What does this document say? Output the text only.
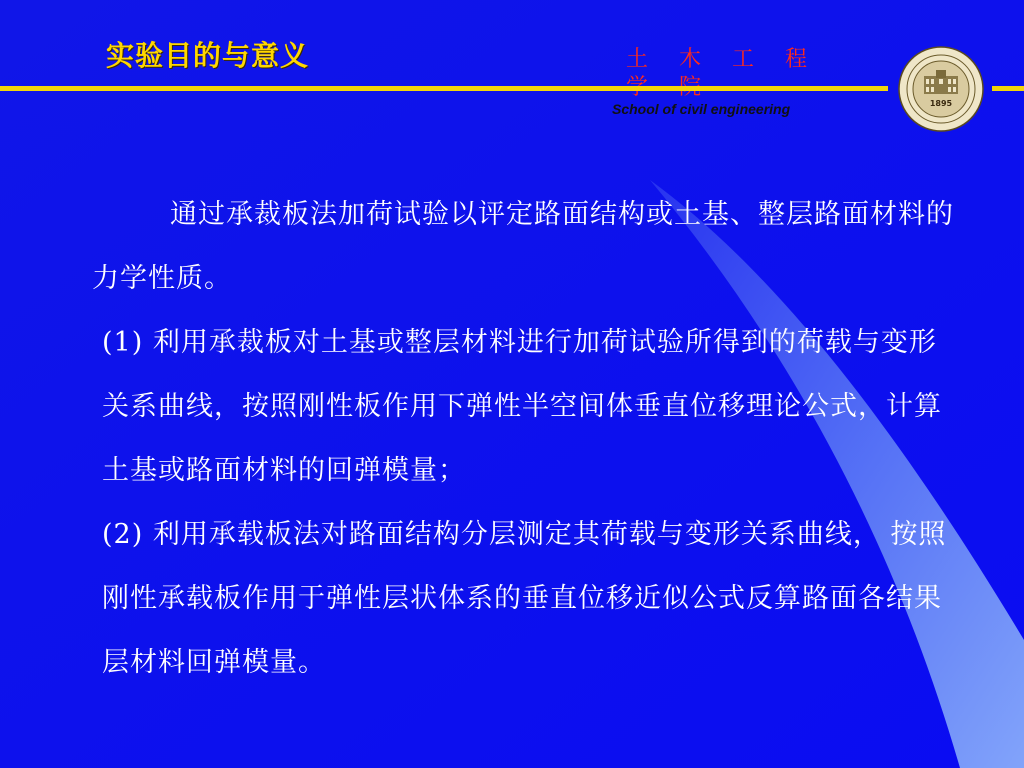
实验目的与意义	土 木 工 程
School of civil engineering	1895

通过承裁板法加荷试验以评定路面结构或土基、整层路面材料的力学性质。

(1) 利用承裁板对土基或整层材料进行加荷试验所得到的荷载与变形关系曲线，按照刚性板作用下弹性半空间体垂直位移理论公式，计算土基或路面材料的回弹模量；

(2) 利用承载板法对路面结构分层测定其荷载与变形关系曲线， 按照刚性承载板作用于弹性层状体系的垂直位移近似公式反算路面各结果层材料回弹模量。
